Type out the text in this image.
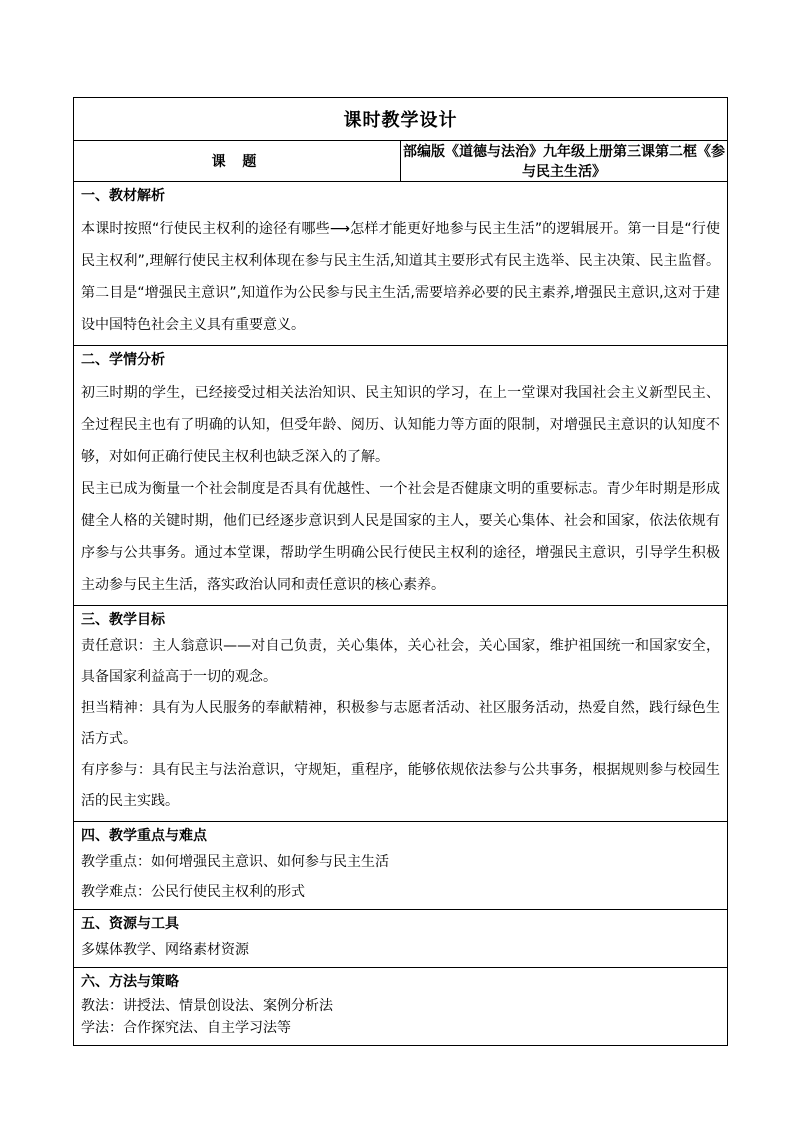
课时教学设计
课 题	部编版《道德与法治》九年级上册第三课第二框《参与民主生活》

一、教材解析

本课时按照“行使民主权利的途径有哪些⟶怎样才能更好地参与民主生活”的逻辑展开。第一目是“行使民主权利”,理解行使民主权利体现在参与民主生活,知道其主要形式有民主选举、民主决策、民主监督。第二目是“增强民主意识”,知道作为公民参与民主生活,需要培养必要的民主素养,增强民主意识,这对于建设中国特色社会主义具有重要意义。

二、学情分析

初三时期的学生，已经接受过相关法治知识、民主知识的学习，在上一堂课对我国社会主义新型民主、全过程民主也有了明确的认知，但受年龄、阅历、认知能力等方面的限制，对增强民主意识的认知度不够，对如何正确行使民主权利也缺乏深入的了解。

民主已成为衡量一个社会制度是否具有优越性、一个社会是否健康文明的重要标志。青少年时期是形成健全人格的关键时期，他们已经逐步意识到人民是国家的主人，要关心集体、社会和国家，依法依规有序参与公共事务。通过本堂课，帮助学生明确公民行使民主权利的途径，增强民主意识，引导学生积极主动参与民主生活，落实政治认同和责任意识的核心素养。

三、教学目标

责任意识：主人翁意识——对自己负责，关心集体，关心社会，关心国家，维护祖国统一和国家安全，具备国家利益高于一切的观念。

担当精神：具有为人民服务的奉献精神，积极参与志愿者活动、社区服务活动，热爱自然，践行绿色生活方式。

有序参与：具有民主与法治意识，守规矩，重程序，能够依规依法参与公共事务，根据规则参与校园生活的民主实践。

四、教学重点与难点

教学重点：如何增强民主意识、如何参与民主生活

教学难点：公民行使民主权利的形式

五、资源与工具

多媒体教学、网络素材资源

六、方法与策略

教法：讲授法、情景创设法、案例分析法

学法：合作探究法、自主学习法等
